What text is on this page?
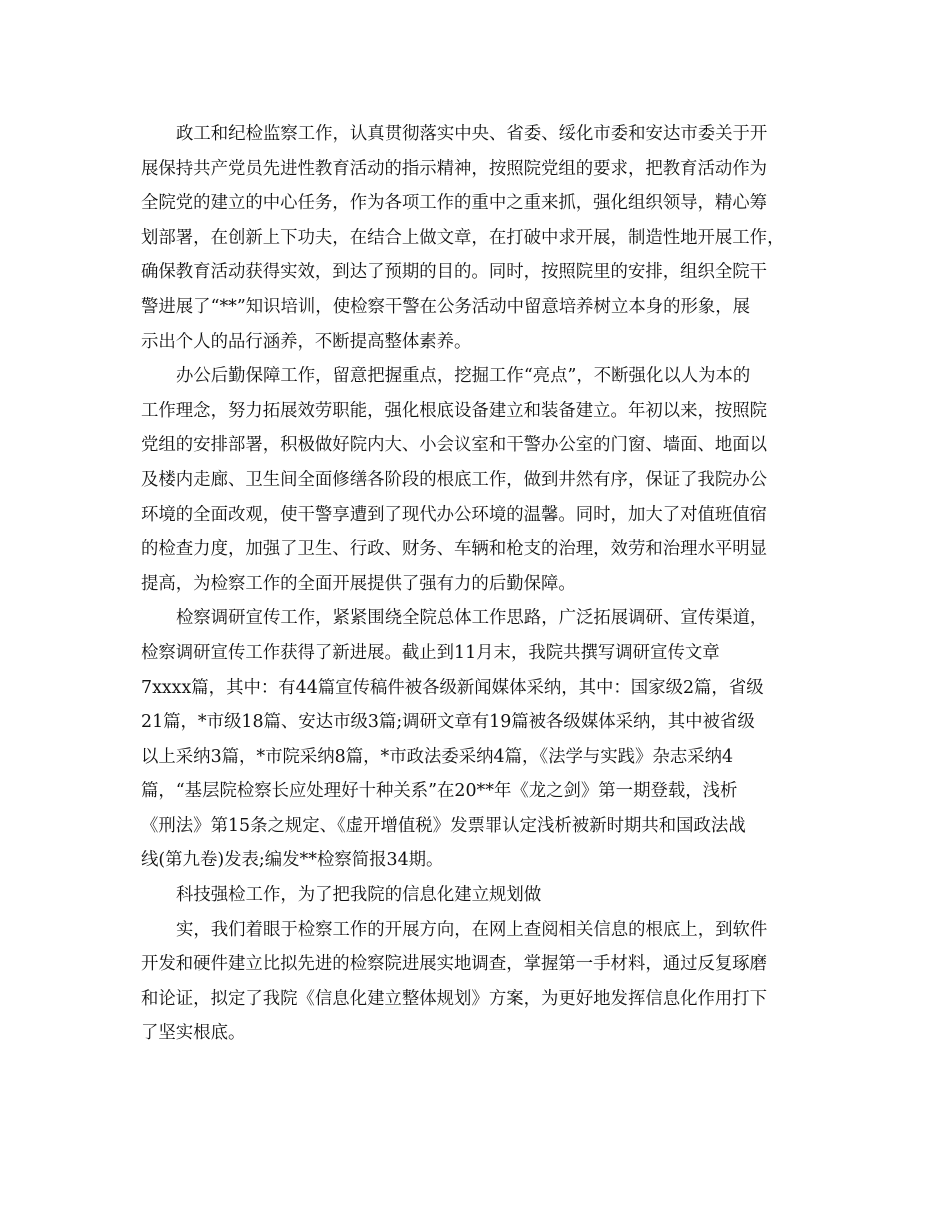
政工和纪检监察工作，认真贯彻落实中央、省委、绥化市委和安达市委关于开
展保持共产党员先进性教育活动的指示精神，按照院党组的要求，把教育活动作为
全院党的建立的中心任务，作为各项工作的重中之重来抓，强化组织领导，精心筹
划部署，在创新上下功夫，在结合上做文章，在打破中求开展，制造性地开展工作，
确保教育活动获得实效，到达了预期的目的。同时，按照院里的安排，组织全院干
警进展了“**”知识培训，使检察干警在公务活动中留意培养树立本身的形象，展
示出个人的品行涵养，不断提高整体素养。
办公后勤保障工作，留意把握重点，挖掘工作“亮点”，不断强化以人为本的
工作理念，努力拓展效劳职能，强化根底设备建立和装备建立。年初以来，按照院
党组的安排部署，积极做好院内大、小会议室和干警办公室的门窗、墙面、地面以
及楼内走廊、卫生间全面修缮各阶段的根底工作，做到井然有序，保证了我院办公
环境的全面改观，使干警享遭到了现代办公环境的温馨。同时，加大了对值班值宿
的检查力度，加强了卫生、行政、财务、车辆和枪支的治理，效劳和治理水平明显
提高，为检察工作的全面开展提供了强有力的后勤保障。
检察调研宣传工作，紧紧围绕全院总体工作思路，广泛拓展调研、宣传渠道，
检察调研宣传工作获得了新进展。截止到11月末，我院共撰写调研宣传文章
7xxxx篇，其中：有44篇宣传稿件被各级新闻媒体采纳，其中：国家级2篇，省级
21篇，*市级18篇、安达市级3篇;调研文章有19篇被各级媒体采纳，其中被省级
以上采纳3篇，*市院采纳8篇，*市政法委采纳4篇，《法学与实践》杂志采纳4
篇，“基层院检察长应处理好十种关系”在20**年《龙之剑》第一期登载，浅析
《刑法》第15条之规定、《虚开增值税》发票罪认定浅析被新时期共和国政法战
线(第九卷)发表;编发**检察简报34期。
科技强检工作，为了把我院的信息化建立规划做
实，我们着眼于检察工作的开展方向，在网上查阅相关信息的根底上，到软件
开发和硬件建立比拟先进的检察院进展实地调查，掌握第一手材料，通过反复琢磨
和论证，拟定了我院《信息化建立整体规划》方案，为更好地发挥信息化作用打下
了坚实根底。
